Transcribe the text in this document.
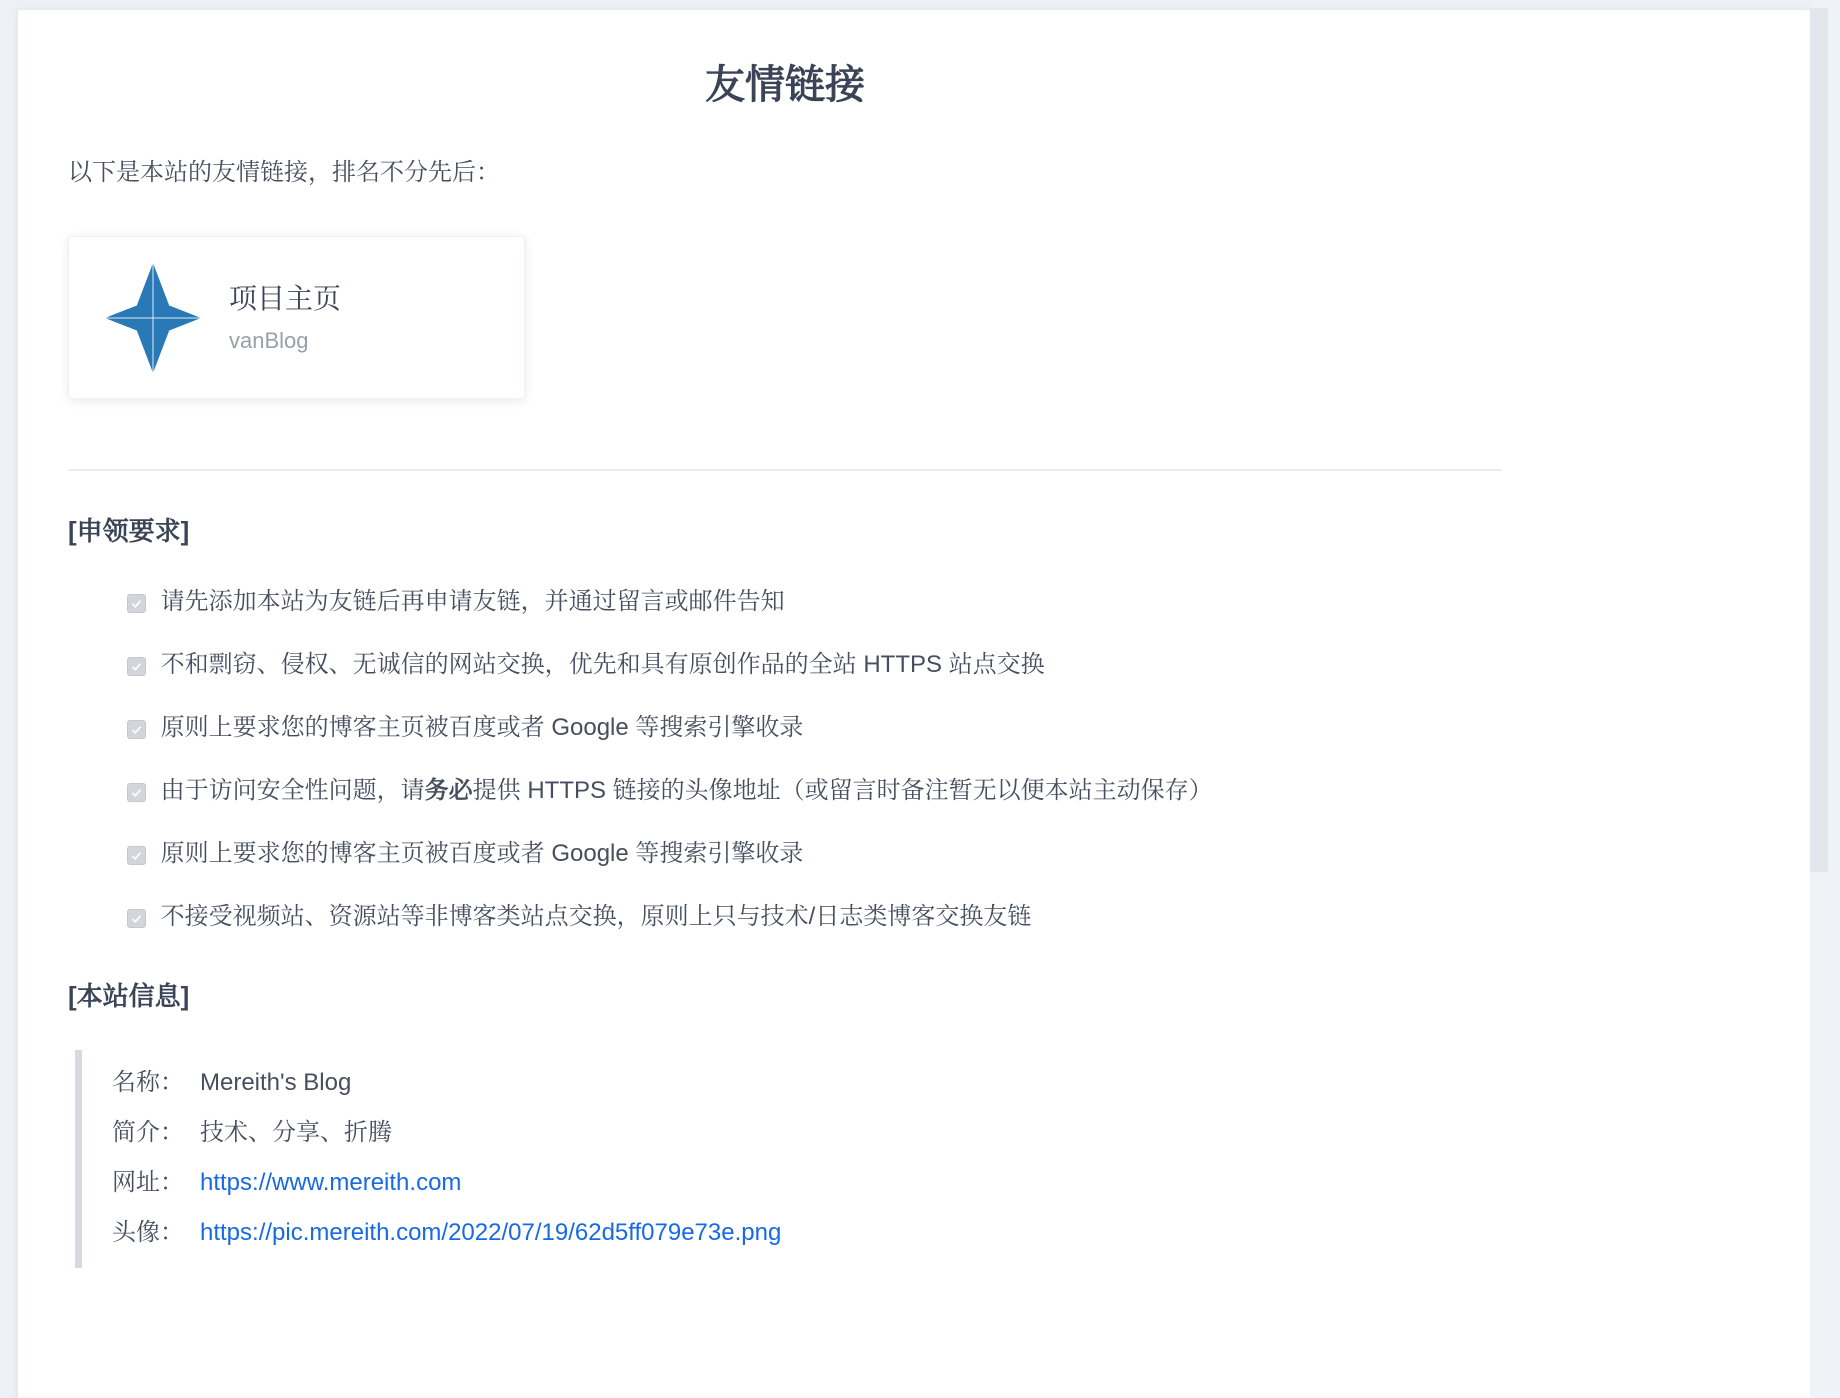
友情链接

以下是本站的友情链接，排名不分先后：

项目主页
vanBlog
[申领要求]
请先添加本站为友链后再申请友链，并通过留言或邮件告知
不和剽窃、侵权、无诚信的网站交换，优先和具有原创作品的全站 HTTPS 站点交换
原则上要求您的博客主页被百度或者 Google 等搜索引擎收录
由于访问安全性问题，请务必提供 HTTPS 链接的头像地址（或留言时备注暂无以便本站主动保存）
原则上要求您的博客主页被百度或者 Google 等搜索引擎收录
不接受视频站、资源站等非博客类站点交换，原则上只与技术/日志类博客交换友链
[本站信息]

名称： Mereith's Blog

简介： 技术、分享、折腾

网址： https://www.mereith.com

头像： https://pic.mereith.com/2022/07/19/62d5ff079e73e.png
